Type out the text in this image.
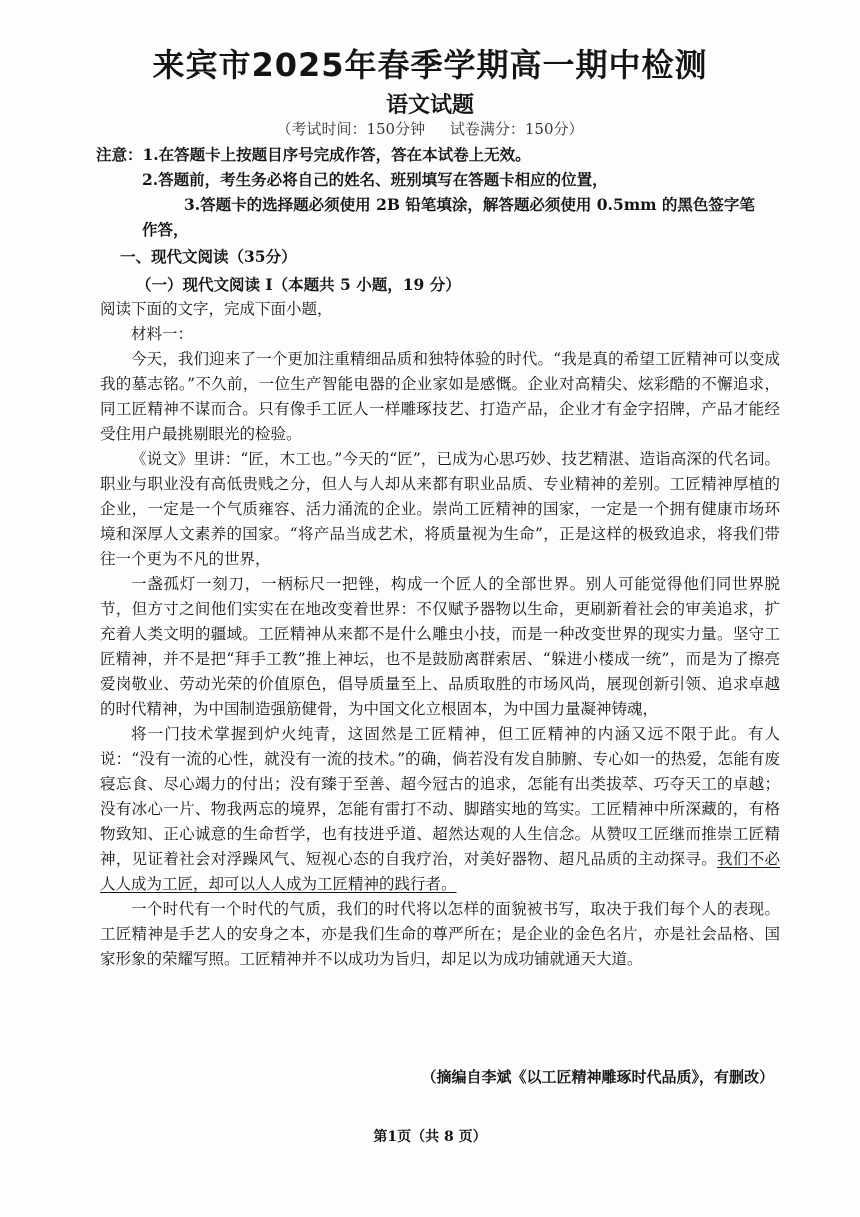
来宾市2025年春季学期高一期中检测
语文试题
（考试时间：150分钟 试卷满分：150分）

注意：1.在答题卡上按题目序号完成作答，答在本试卷上无效。

2.答题前，考生务必将自己的姓名、班别填写在答题卡相应的位置，

3.答题卡的选择题必须使用 2B 铅笔填涂，解答题必须使用 0.5mm 的黑色签字笔

作答，

一、现代文阅读（35分）
（一）现代文阅读 I（本题共 5 小题，19 分）

阅读下面的文字，完成下面小题，

材料一：

今天，我们迎来了一个更加注重精细品质和独特体验的时代。“我是真的希望工匠精神可以变成我的墓志铭。”不久前，一位生产智能电器的企业家如是感慨。企业对高精尖、炫彩酷的不懈追求，同工匠精神不谋而合。只有像手工匠人一样雕琢技艺、打造产品，企业才有金字招牌，产品才能经受住用户最挑剔眼光的检验。

《说文》里讲：“匠，木工也。”今天的“匠”，已成为心思巧妙、技艺精湛、造诣高深的代名词。职业与职业没有高低贵贱之分，但人与人却从来都有职业品质、专业精神的差别。工匠精神厚植的企业，一定是一个气质雍容、活力涌流的企业。崇尚工匠精神的国家，一定是一个拥有健康市场环境和深厚人文素养的国家。“将产品当成艺术，将质量视为生命”，正是这样的极致追求，将我们带往一个更为不凡的世界，

一盏孤灯一刻刀，一柄标尺一把锉，构成一个匠人的全部世界。别人可能觉得他们同世界脱节，但方寸之间他们实实在在地改变着世界：不仅赋予器物以生命，更刷新着社会的审美追求，扩充着人类文明的疆域。工匠精神从来都不是什么雕虫小技，而是一种改变世界的现实力量。坚守工匠精神，并不是把“拜手工教”推上神坛，也不是鼓励离群索居、“躲进小楼成一统”，而是为了擦亮爱岗敬业、劳动光荣的价值原色，倡导质量至上、品质取胜的市场风尚，展现创新引领、追求卓越的时代精神，为中国制造强筋健骨，为中国文化立根固本，为中国力量凝神铸魂，

将一门技术掌握到炉火纯青，这固然是工匠精神，但工匠精神的内涵又远不限于此。有人说：“没有一流的心性，就没有一流的技术。”的确，倘若没有发自肺腑、专心如一的热爱，怎能有废寝忘食、尽心竭力的付出；没有臻于至善、超今冠古的追求，怎能有出类拔萃、巧夺天工的卓越；没有冰心一片、物我两忘的境界，怎能有雷打不动、脚踏实地的笃实。工匠精神中所深藏的，有格物致知、正心诚意的生命哲学，也有技进乎道、超然达观的人生信念。从赞叹工匠继而推崇工匠精神，见证着社会对浮躁风气、短视心态的自我疗治，对美好器物、超凡品质的主动探寻。我们不必人人成为工匠，却可以人人成为工匠精神的践行者。

一个时代有一个时代的气质，我们的时代将以怎样的面貌被书写，取决于我们每个人的表现。工匠精神是手艺人的安身之本，亦是我们生命的尊严所在；是企业的金色名片，亦是社会品格、国家形象的荣耀写照。工匠精神并不以成功为旨归，却足以为成功铺就通天大道。

（摘编自李斌《以工匠精神雕琢时代品质》，有删改）
第1页（共 8 页）
